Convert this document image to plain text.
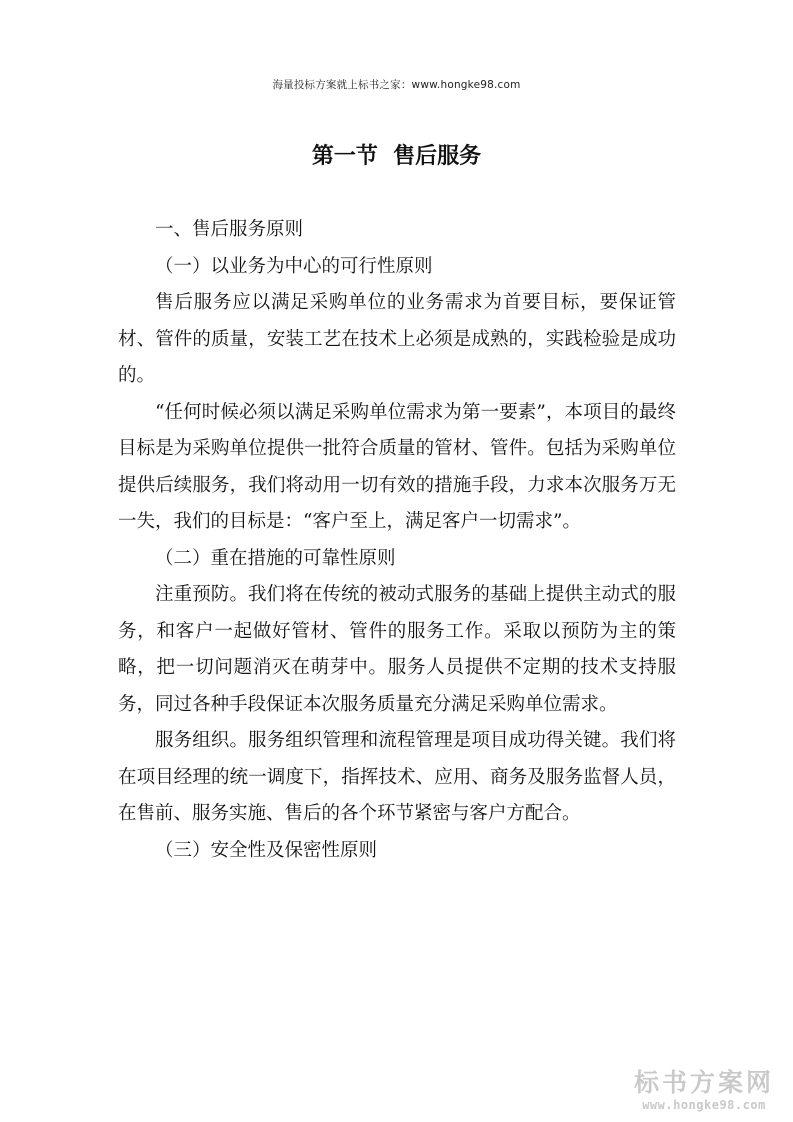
海量投标方案就上标书之家：www.hongke98.com
第一节  售后服务

一、售后服务原则

（一）以业务为中心的可行性原则

售后服务应以满足采购单位的业务需求为首要目标，要保证管材、管件的质量，安装工艺在技术上必须是成熟的，实践检验是成功的。

“任何时候必须以满足采购单位需求为第一要素”，本项目的最终目标是为采购单位提供一批符合质量的管材、管件。包括为采购单位提供后续服务，我们将动用一切有效的措施手段，力求本次服务万无一失，我们的目标是：“客户至上，满足客户一切需求”。

（二）重在措施的可靠性原则

注重预防。我们将在传统的被动式服务的基础上提供主动式的服务，和客户一起做好管材、管件的服务工作。采取以预防为主的策略，把一切问题消灭在萌芽中。服务人员提供不定期的技术支持服务，同过各种手段保证本次服务质量充分满足采购单位需求。

服务组织。服务组织管理和流程管理是项目成功得关键。我们将在项目经理的统一调度下，指挥技术、应用、商务及服务监督人员，在售前、服务实施、售后的各个环节紧密与客户方配合。

（三）安全性及保密性原则

标书方案网
www.hongke98.com
